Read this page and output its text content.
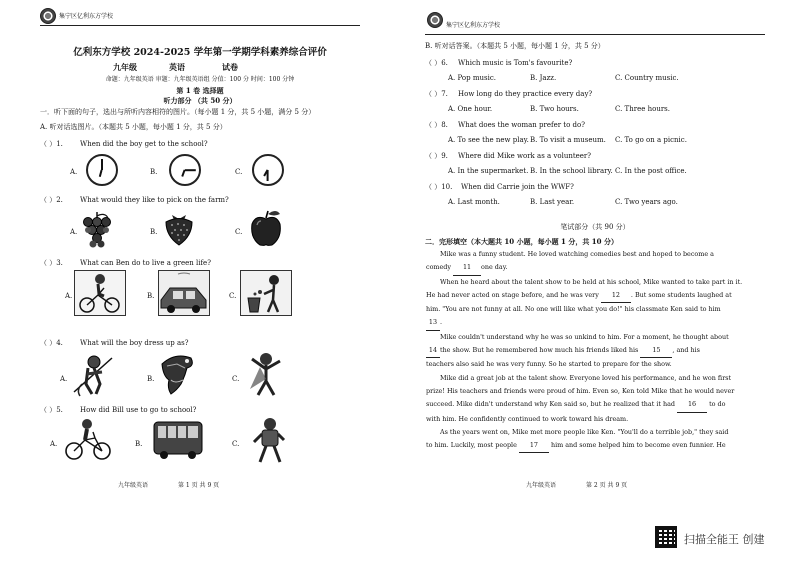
集宁区亿利东方学校
亿利东方学校 2024-2025 学年第一学期学科素养综合评价
九年级	英语	试卷
命题：九年级英语 审题：九年级英语组 分值：100 分 时间：100 分钟
第 1 卷 选择题
听力部分 （共 50 分）
一．听下面的句子，选出与所听内容相符的图片。（每小题 1 分，共 5 小题，满分 5 分）
A. 听对话选图片。（本题共 5 小题，每小题 1 分，共 5 分）
（ ）1. When did the boy get to the school?
A.	B.	C.
（ ）2. What would they like to pick on the farm?
A.	B.	C.
（ ）3. What can Ben do to live a green life?
A.	B.	C.
（ ）4. What will the boy dress up as?
A.	B.	C.
（ ）5. How did Bill use to go to school?
A.	B.	C.
九年级英语	第 1 页 共 9 页
集宁区亿利东方学校
B. 听对话答案。（本题共 5 小题，每小题 1 分，共 5 分）
（ ）6. Which music is Tom's favourite?
A. Pop music.	B. Jazz.	C. Country music.
（ ）7. How long do they practice every day?
A. One hour.	B. Two hours.	C. Three hours.
（ ）8. What does the woman prefer to do?
A. To see the new play. B. To visit a museum. C. To go on a picnic.
（ ）9. Where did Mike work as a volunteer?
A. In the supermarket. B. In the school library. C. In the post office.
（ ）10. When did Carrie join the WWF?
A. Last month.	B. Last year.	C. Two years ago.
笔试部分（共 90 分）
二．完形填空（本大题共 10 小题，每小题 1 分，共 10 分）
Mike was a funny student. He loved watching comedies best and hoped to become a
comedy 11 one day.
When he heard about the talent show to be held at his school, Mike wanted to take part in it.
He had never acted on stage before, and he was very 12 . But some students laughed at
him. "You are not funny at all. No one will like what you do!" his classmate Ken said to him
13 .
Mike couldn't understand why he was so unkind to him. For a moment, he thought about
14 the show. But he remembered how much his friends liked his 15 , and his
teachers also said he was very funny. So he started to prepare for the show.
Mike did a great job at the talent show. Everyone loved his performance, and he won first
prize! His teachers and friends were proud of him. Even so, Ken told Mike that he would never
succeed. Mike didn't understand why Ken said so, but he realized that it had 16 to do
with him. He confidently continued to work toward his dream.
As the years went on, Mike met more people like Ken. "You'll do a terrible job," they said
to him. Luckily, most people 17 him and some helped him to become even funnier. He
九年级英语	第 2 页 共 9 页
扫描全能王 创建
